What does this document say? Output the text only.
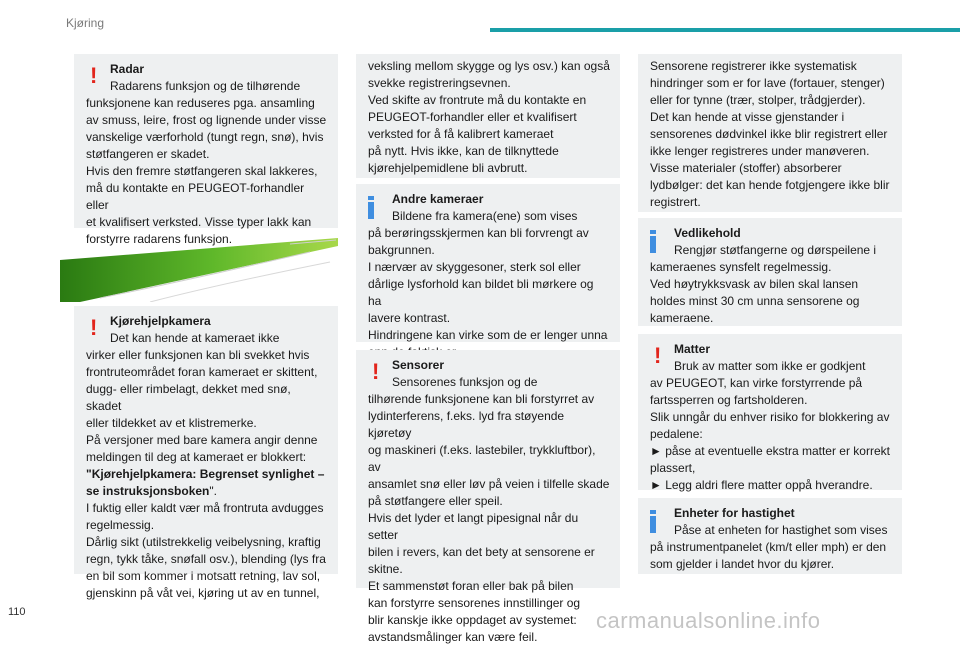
Kjøring
! Radar

Radarens funksjon og de tilhørende

funksjonene kan reduseres pga. ansamling

av smuss, leire, frost og lignende under visse

vanskelige værforhold (tungt regn, snø), hvis

støtfangeren er skadet.

Hvis den fremre støtfangeren skal lakkeres,

må du kontakte en PEUGEOT-forhandler eller

et kvalifisert verksted. Visse typer lakk kan

forstyrre radarens funksjon.

! Kjørehjelpkamera

Det kan hende at kameraet ikke

virker eller funksjonen kan bli svekket hvis

frontruteområdet foran kameraet er skittent,

dugg- eller rimbelagt, dekket med snø, skadet

eller tildekket av et klistremerke.

På versjoner med bare kamera angir denne

meldingen til deg at kameraet er blokkert:

"Kjørehjelpkamera: Begrenset synlighet – se instruksjonsboken".

I fuktig eller kaldt vær må frontruta avdugges

regelmessig.

Dårlig sikt (utilstrekkelig veibelysning, kraftig

regn, tykk tåke, snøfall osv.), blending (lys fra

en bil som kommer i motsatt retning, lav sol,

gjenskinn på våt vei, kjøring ut av en tunnel,

veksling mellom skygge og lys osv.) kan også

svekke registreringsevnen.

Ved skifte av frontrute må du kontakte en

PEUGEOT-forhandler eller et kvalifisert

verksted for å få kalibrert kameraet

på nytt. Hvis ikke, kan de tilknyttede

kjørehjelpemidlene bli avbrutt.

Andre kameraer

Bildene fra kamera(ene) som vises

på berøringsskjermen kan bli forvrengt av

bakgrunnen.

I nærvær av skyggesoner, sterk sol eller

dårlige lysforhold kan bildet bli mørkere og ha

lavere kontrast.

Hindringene kan virke som de er lenger unna

! Sensorer

Sensorenes funksjon og de

tilhørende funksjonene kan bli forstyrret av

lydinterferens, f.eks. lyd fra støyende kjøretøy

og maskineri (f.eks. lastebiler, trykkluftbor), av

ansamlet snø eller løv på veien i tilfelle skade

på støtfangere eller speil.

Hvis det lyder et langt pipesignal når du setter

bilen i revers, kan det bety at sensorene er

skitne.

Et sammenstøt foran eller bak på bilen

kan forstyrre sensorenes innstillinger og

blir kanskje ikke oppdaget av systemet:

avstandsmålinger kan være feil.

Sensorene registrerer ikke systematisk

hindringer som er for lave (fortauer, stenger)

eller for tynne (trær, stolper, trådgjerder).

Det kan hende at visse gjenstander i

sensorenes dødvinkel ikke blir registrert eller

ikke lenger registreres under manøveren.

Visse materialer (stoffer) absorberer

lydbølger: det kan hende fotgjengere ikke blir

registrert.

Vedlikehold

Rengjør støtfangerne og dørspeilene i

kameraenes synsfelt regelmessig.

Ved høytrykksvask av bilen skal lansen

holdes minst 30 cm unna sensorene og

kameraene.

! Matter

Bruk av matter som ikke er godkjent

av PEUGEOT, kan virke forstyrrende på

fartssperren og fartsholderen.

Slik unngår du enhver risiko for blokkering av

pedalene:

► påse at eventuelle ekstra matter er korrekt

plassert,

► Legg aldri flere matter oppå hverandre.

Enheter for hastighet

Påse at enheten for hastighet som vises

på instrumentpanelet (km/t eller mph) er den

som gjelder i landet hvor du kjører.

110	carmanualsonline.info
